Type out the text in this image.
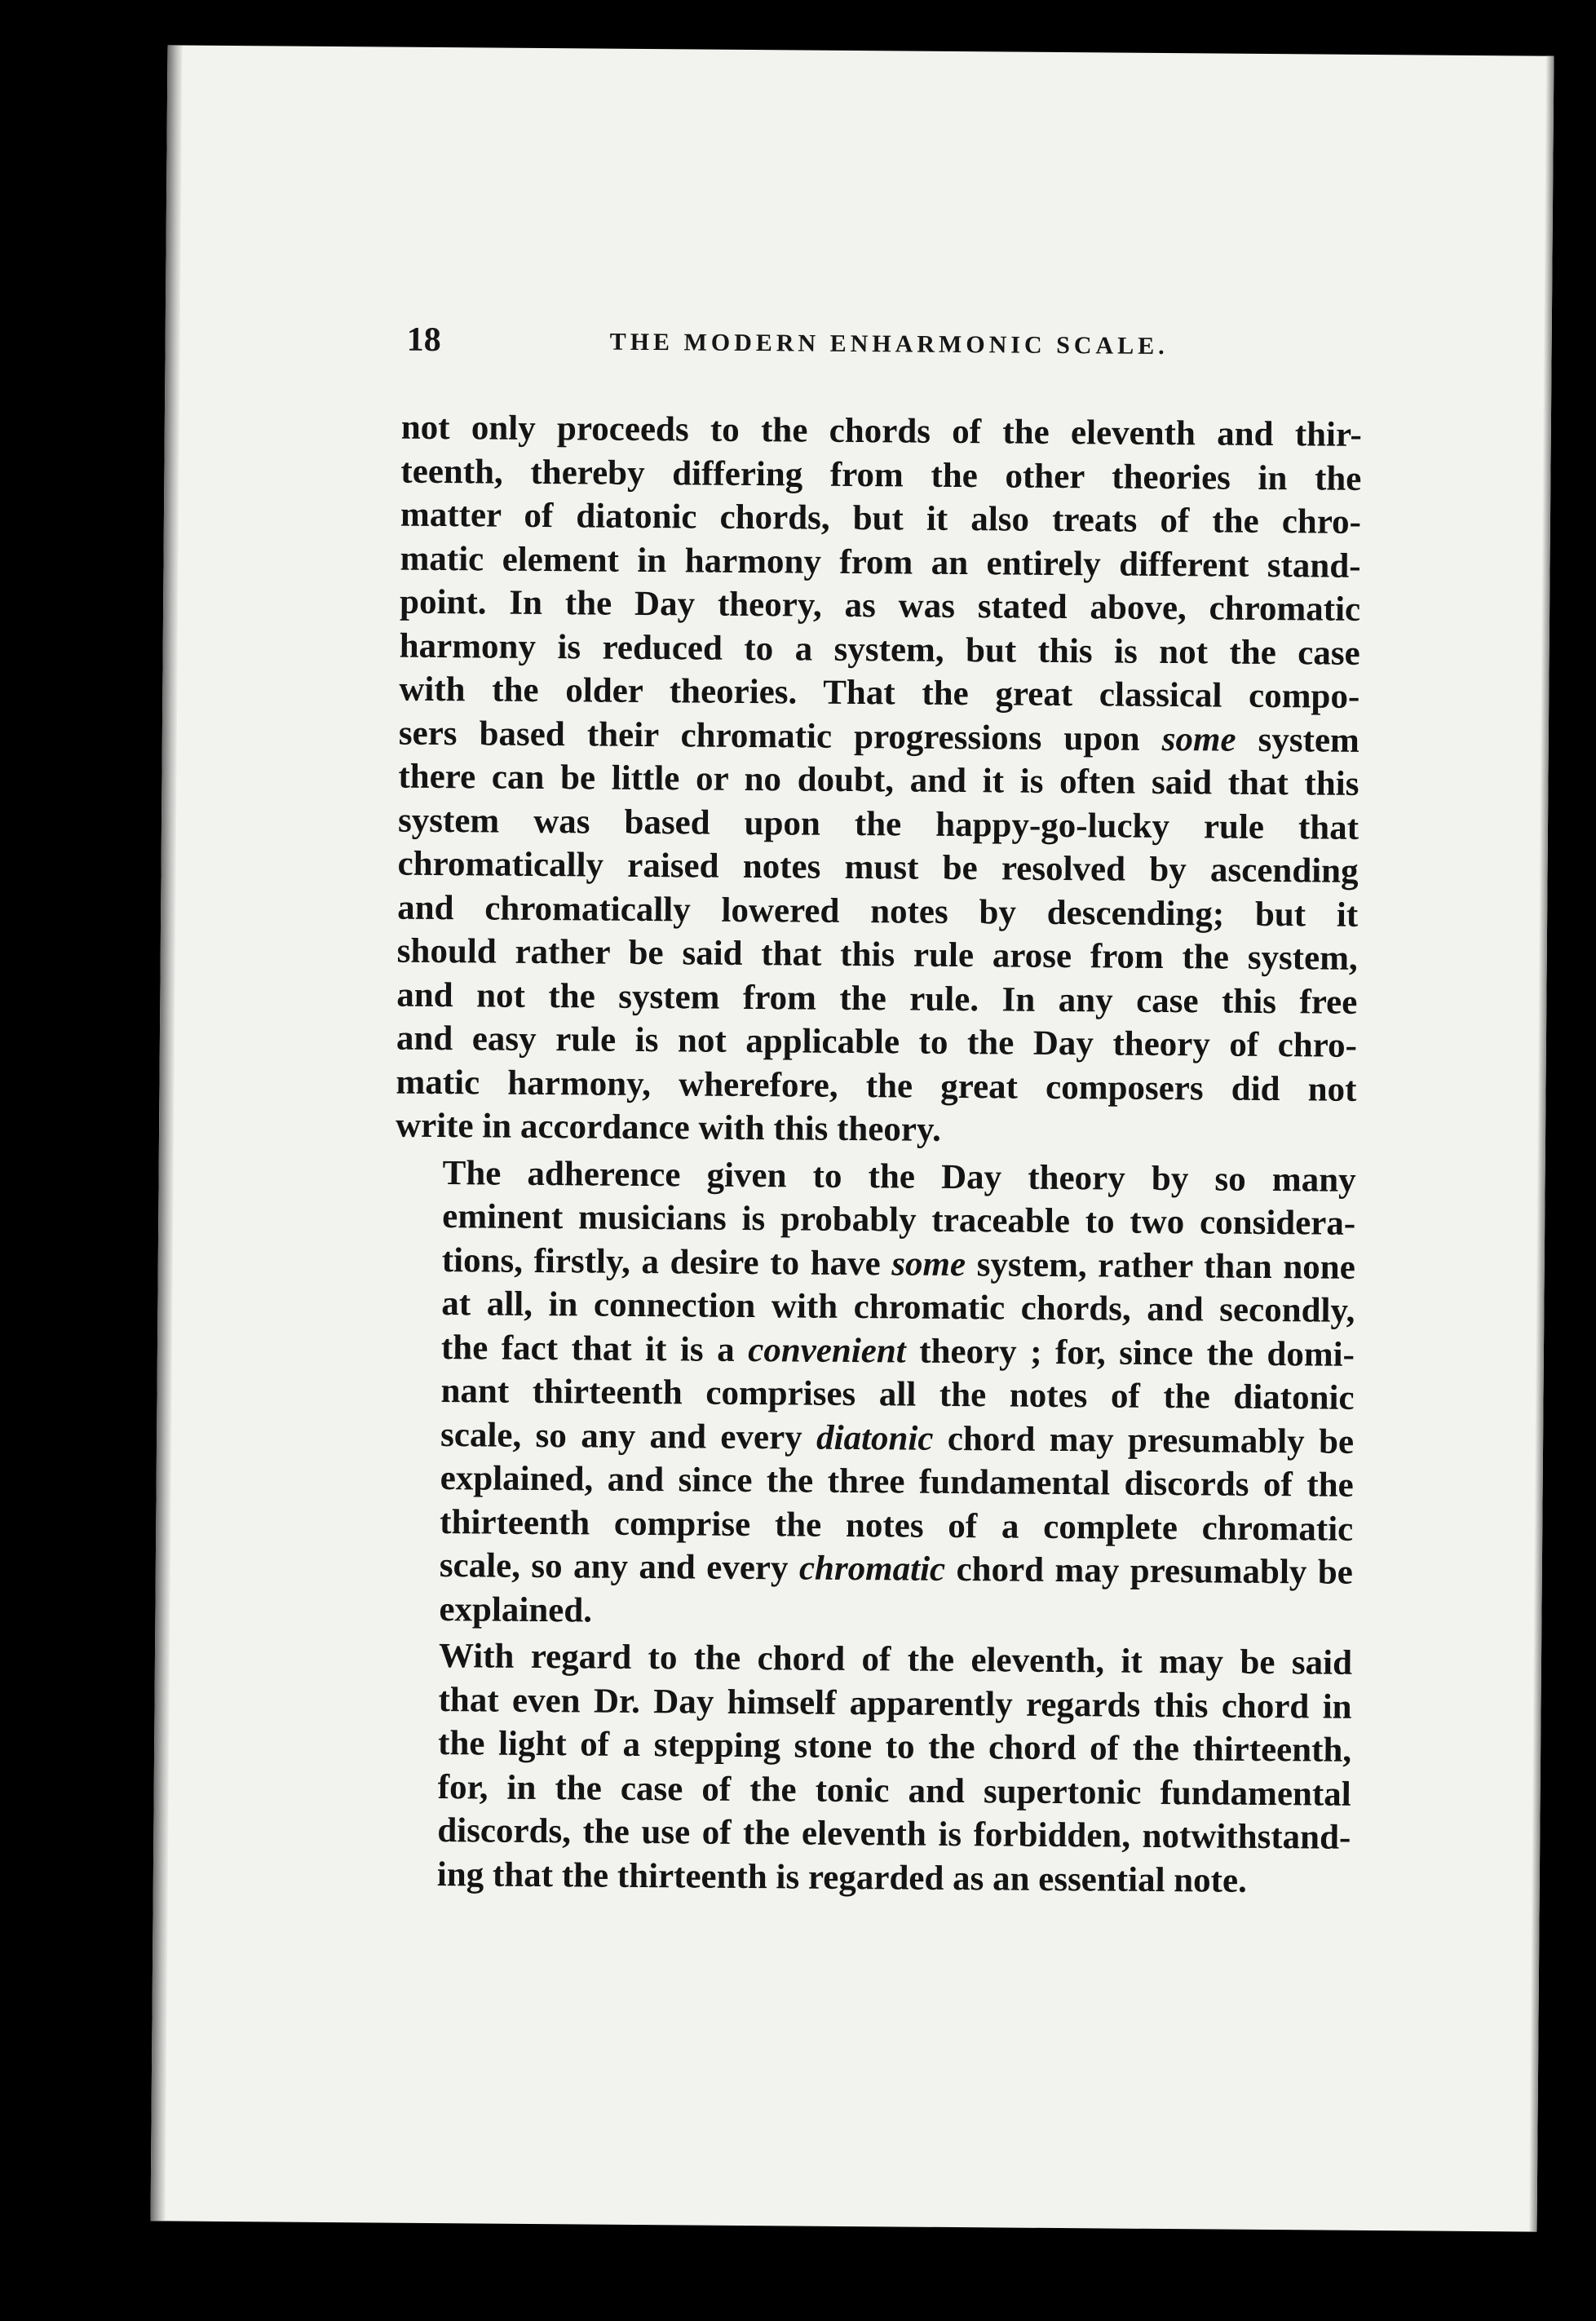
18	THE MODERN ENHARMONIC SCALE.

not only proceeds to the chords of the eleventh and thir-
teenth, thereby differing from the other theories in the
matter of diatonic chords, but it also treats of the chro-
matic element in harmony from an entirely different stand-
point. In the Day theory, as was stated above, chromatic
harmony is reduced to a system, but this is not the case
with the older theories. That the great classical compo-
sers based their chromatic progressions upon some system
there can be little or no doubt, and it is often said that this
system was based upon the happy-go-lucky rule that
chromatically raised notes must be resolved by ascending
and chromatically lowered notes by descending; but it
should rather be said that this rule arose from the system,
and not the system from the rule. In any case this free
and easy rule is not applicable to the Day theory of chro-
matic harmony, wherefore, the great composers did not
write in accordance with this theory.

The adherence given to the Day theory by so many
eminent musicians is probably traceable to two considera-
tions, firstly, a desire to have some system, rather than none
at all, in connection with chromatic chords, and secondly,
the fact that it is a convenient theory ; for, since the domi-
nant thirteenth comprises all the notes of the diatonic
scale, so any and every diatonic chord may presumably be
explained, and since the three fundamental discords of the
thirteenth comprise the notes of a complete chromatic
scale, so any and every chromatic chord may presumably be
explained.

With regard to the chord of the eleventh, it may be said
that even Dr. Day himself apparently regards this chord in
the light of a stepping stone to the chord of the thirteenth,
for, in the case of the tonic and supertonic fundamental
discords, the use of the eleventh is forbidden, notwithstand-
ing that the thirteenth is regarded as an essential note.
